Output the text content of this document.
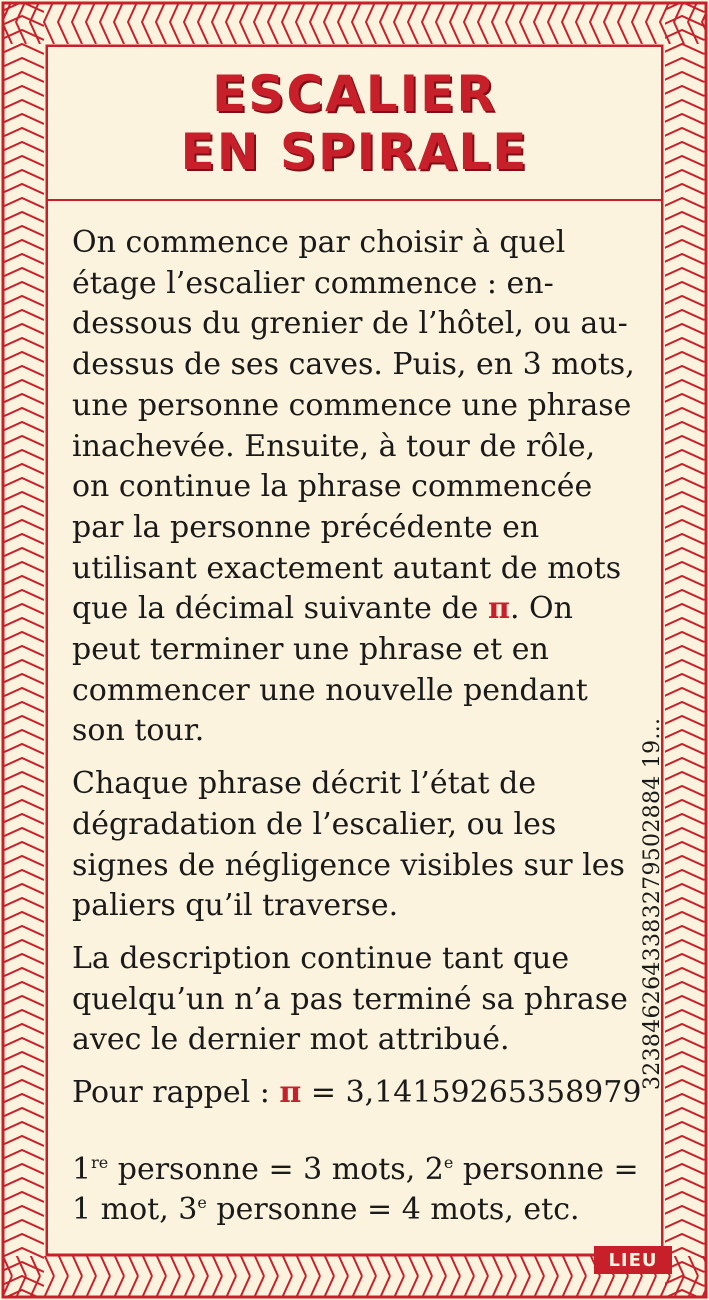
ESCALIER
EN SPIRALE

On commence par choisir à quel étage l’escalier commence : en-dessous du grenier de l’hôtel, ou au-dessus de ses caves. Puis, en 3 mots, une personne commence une phrase inachevée. Ensuite, à tour de rôle, on continue la phrase commencée par la personne précédente en utilisant exactement autant de mots que la décimal suivante de π. On peut terminer une phrase et en commencer une nouvelle pendant son tour.

Chaque phrase décrit l’état de dégradation de l’escalier, ou les signes de négligence visibles sur les paliers qu’il traverse.

La description continue tant que quelqu’un n’a pas terminé sa phrase avec le dernier mot attribué.

Pour rappel : π = 3,14159265358979

1re personne = 3 mots, 2e personne = 1 mot, 3e personne = 4 mots, etc.

3238462643383279502884 19...
LIEU
